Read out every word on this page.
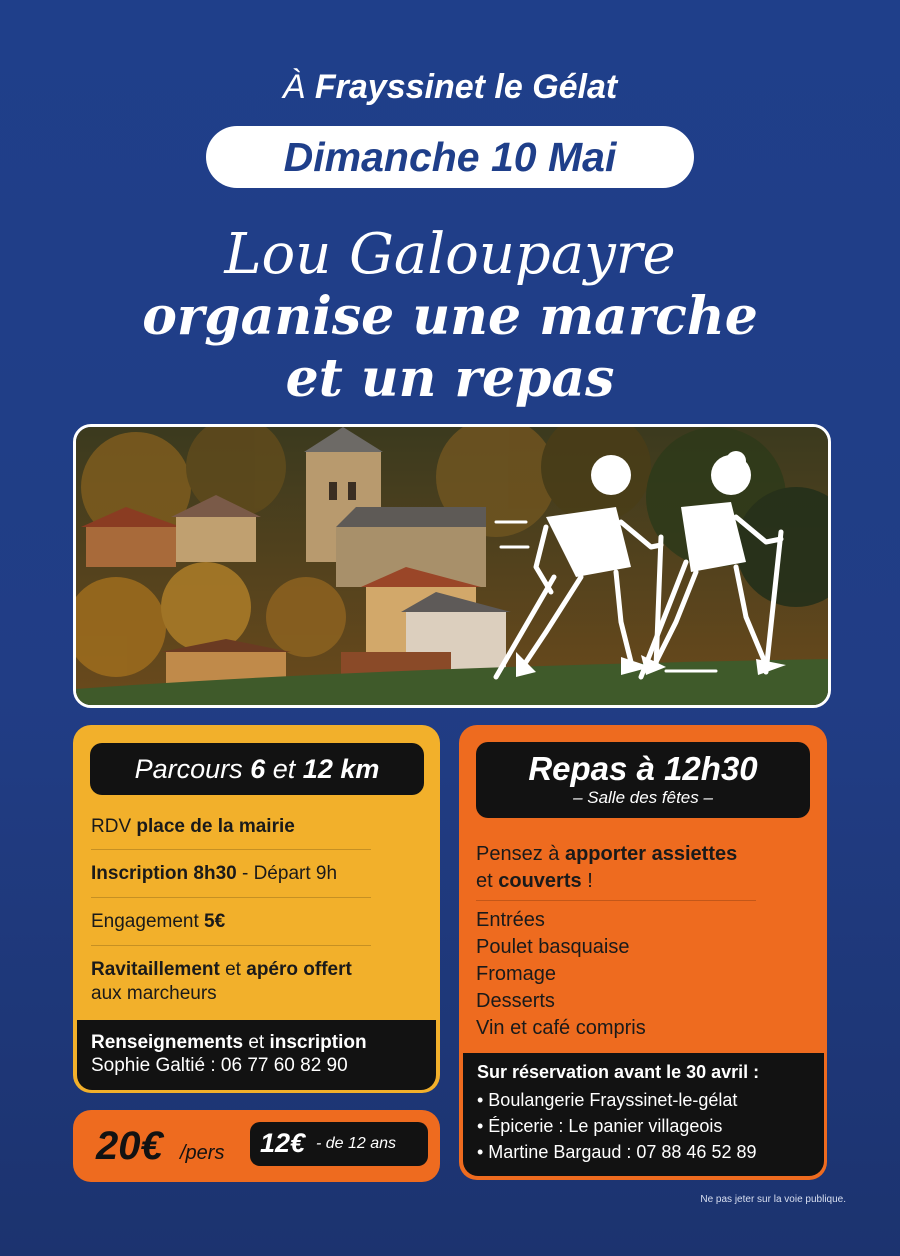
À Frayssinet le Gélat
Dimanche 10 Mai
Lou Galoupayre
organise une marche
et un repas
Parcours 6 et 12 km
RDV place de la mairie
Inscription 8h30 - Départ 9h
Engagement 5€
Ravitaillement et apéro offert
aux marcheurs
Renseignements et inscription
Sophie Galtié : 06 77 60 82 90
20€ /pers 12€ - de 12 ans
Repas à 12h30
– Salle des fêtes –
Pensez à apporter assiettes
et couverts !
Entrées
Poulet basquaise
Fromage
Desserts
Vin et café compris
Sur réservation avant le 30 avril :
• Boulangerie Frayssinet-le-gélat
• Épicerie : Le panier villageois
• Martine Bargaud : 07 88 46 52 89
Ne pas jeter sur la voie publique.
